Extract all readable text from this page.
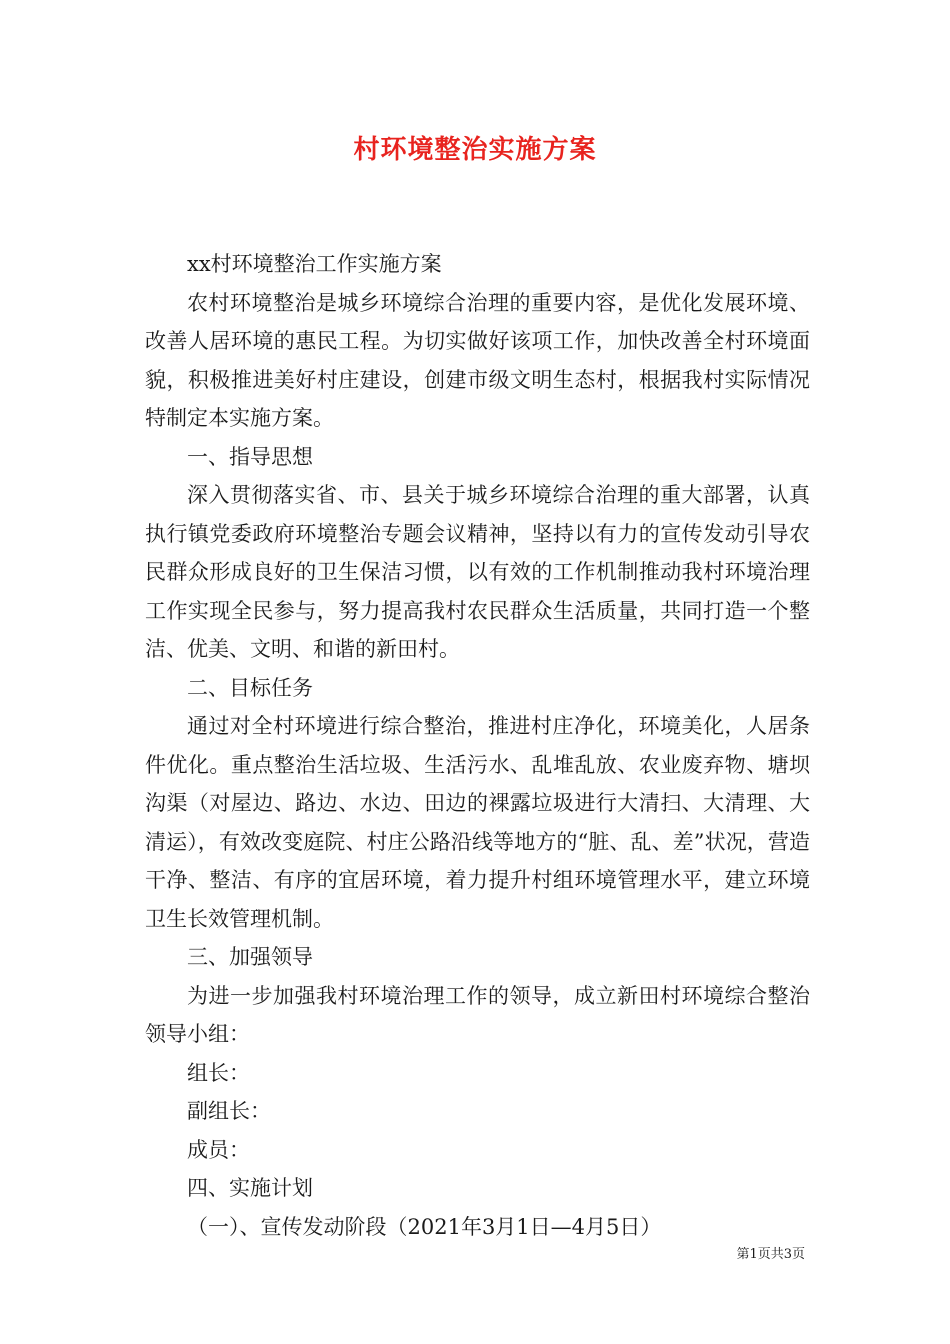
村环境整治实施方案

xx村环境整治工作实施方案

农村环境整治是城乡环境综合治理的重要内容，是优化发展环境、改善人居环境的惠民工程。为切实做好该项工作，加快改善全村环境面貌，积极推进美好村庄建设，创建市级文明生态村，根据我村实际情况特制定本实施方案。

一、指导思想

深入贯彻落实省、市、县关于城乡环境综合治理的重大部署，认真执行镇党委政府环境整治专题会议精神，坚持以有力的宣传发动引导农民群众形成良好的卫生保洁习惯，以有效的工作机制推动我村环境治理工作实现全民参与，努力提高我村农民群众生活质量，共同打造一个整洁、优美、文明、和谐的新田村。

二、目标任务

通过对全村环境进行综合整治，推进村庄净化，环境美化，人居条件优化。重点整治生活垃圾、生活污水、乱堆乱放、农业废弃物、塘坝沟渠（对屋边、路边、水边、田边的裸露垃圾进行大清扫、大清理、大清运），有效改变庭院、村庄公路沿线等地方的“脏、乱、差”状况，营造干净、整洁、有序的宜居环境，着力提升村组环境管理水平，建立环境卫生长效管理机制。

三、加强领导

为进一步加强我村环境治理工作的领导，成立新田村环境综合整治领导小组：

组长：

副组长：

成员：

四、实施计划

（一）、宣传发动阶段（2021年3月1日—4月5日）

第1页共3页
